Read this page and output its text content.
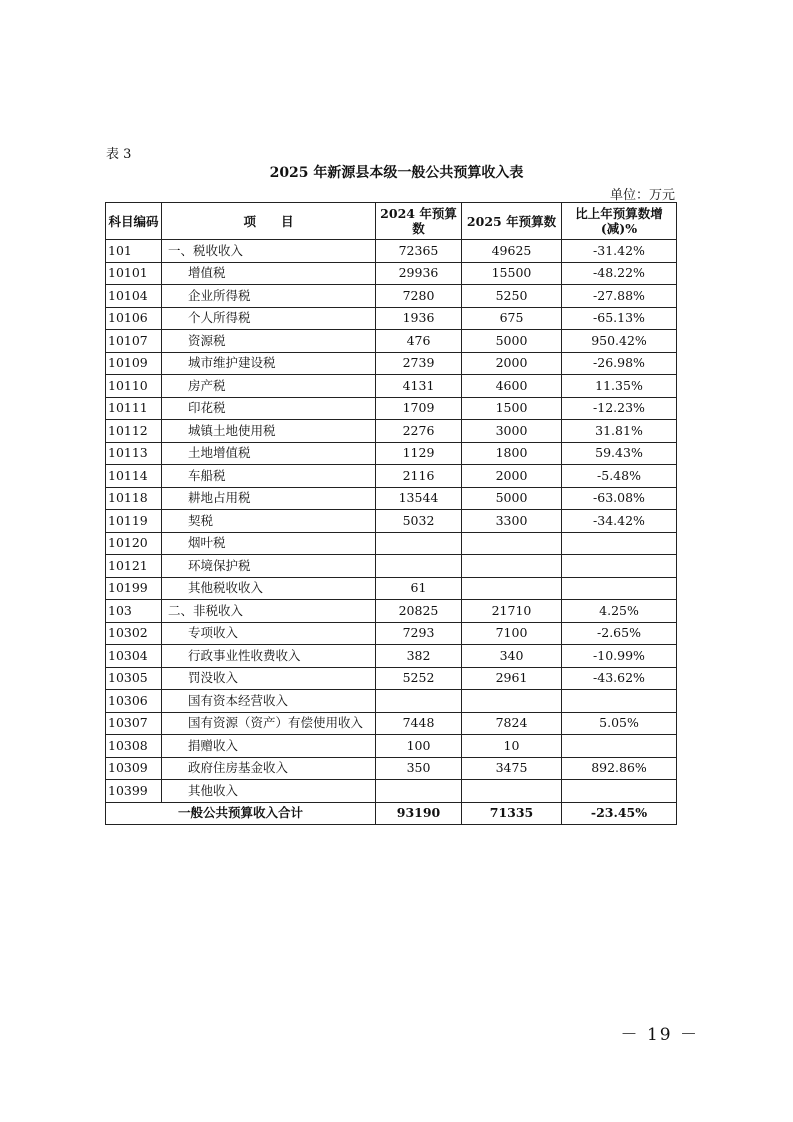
表 3
2025 年新源县本级一般公共预算收入表
单位：万元
科目编码	项　　目	2024 年预算数	2025 年预算数	比上年预算数增(减)%
101	一、税收收入	72365	49625	-31.42%
10101	增值税	29936	15500	-48.22%
10104	企业所得税	7280	5250	-27.88%
10106	个人所得税	1936	675	-65.13%
10107	资源税	476	5000	950.42%
10109	城市维护建设税	2739	2000	-26.98%
10110	房产税	4131	4600	11.35%
10111	印花税	1709	1500	-12.23%
10112	城镇土地使用税	2276	3000	31.81%
10113	土地增值税	1129	1800	59.43%
10114	车船税	2116	2000	-5.48%
10118	耕地占用税	13544	5000	-63.08%
10119	契税	5032	3300	-34.42%
10120	烟叶税			
10121	环境保护税			
10199	其他税收收入	61		
103	二、非税收入	20825	21710	4.25%
10302	专项收入	7293	7100	-2.65%
10304	行政事业性收费收入	382	340	-10.99%
10305	罚没收入	5252	2961	-43.62%
10306	国有资本经营收入			
10307	国有资源（资产）有偿使用收入	7448	7824	5.05%
10308	捐赠收入	100	10	
10309	政府住房基金收入	350	3475	892.86%
10399	其他收入			
一般公共预算收入合计		93190	71335	-23.45%
－ 19 －
